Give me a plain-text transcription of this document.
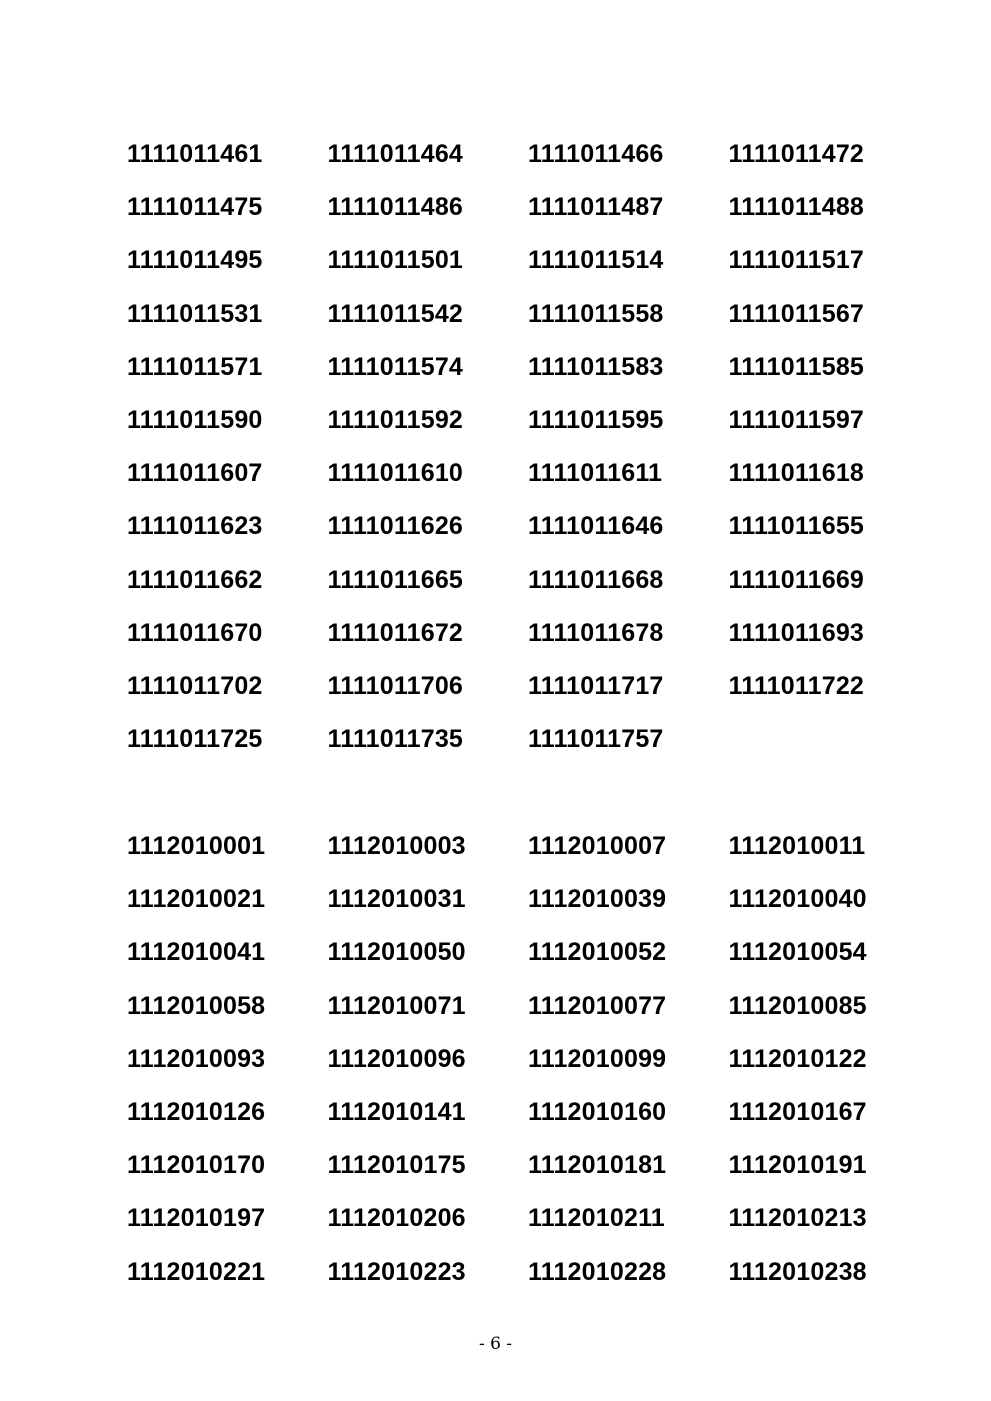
1111011461	1111011464	1111011466	1111011472
1111011475	1111011486	1111011487	1111011488
1111011495	1111011501	1111011514	1111011517
1111011531	1111011542	1111011558	1111011567
1111011571	1111011574	1111011583	1111011585
1111011590	1111011592	1111011595	1111011597
1111011607	1111011610	1111011611	1111011618
1111011623	1111011626	1111011646	1111011655
1111011662	1111011665	1111011668	1111011669
1111011670	1111011672	1111011678	1111011693
1111011702	1111011706	1111011717	1111011722
1111011725	1111011735	1111011757
1112010001 1112010003 1112010007 1112010011
1112010021 1112010031 1112010039 1112010040
1112010041 1112010050 1112010052 1112010054
1112010058 1112010071 1112010077 1112010085
1112010093 1112010096 1112010099 1112010122
1112010126 1112010141 1112010160 1112010167
1112010170 1112010175 1112010181 1112010191
1112010197 1112010206 1112010211	1112010213
1112010221 1112010223 1112010228 1112010238
- 6 -
